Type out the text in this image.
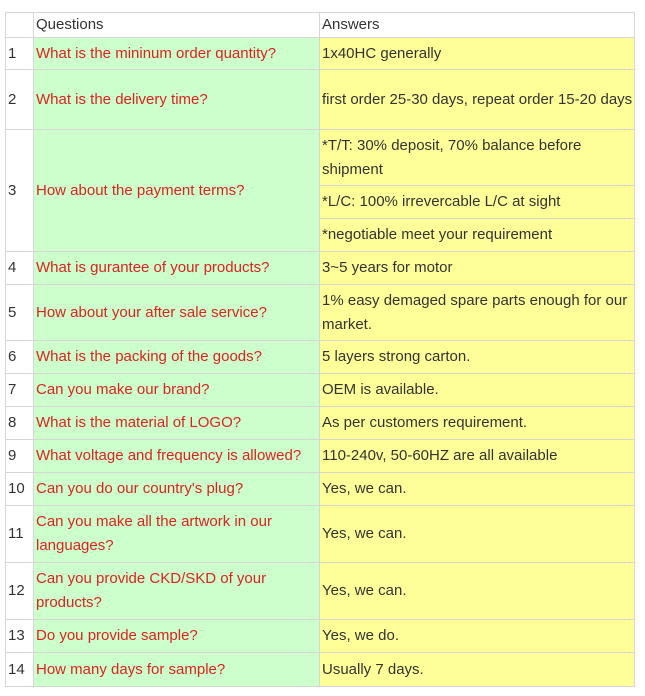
	Questions	Answers
1	What is the mininum order quantity?	1x40HC generally
2	What is the delivery time?	first order 25-30 days, repeat order 15-20 days
3	How about the payment terms?	*T/T: 30% deposit, 70% balance before shipment
		*L/C: 100% irrevercable L/C at sight
		*negotiable meet your requirement
4	What is gurantee of your products?	3~5 years for motor
5	How about your after sale service?	1% easy demaged spare parts enough for our market.
6	What is the packing of the goods?	5 layers strong carton.
7	Can you make our brand?	OEM is available.
8	What is the material of LOGO?	As per customers requirement.
9	What voltage and frequency is allowed?	110-240v, 50-60HZ are all available
10	Can you do our country's plug?	Yes, we can.
11	Can you make all the artwork in our languages?	Yes, we can.
12	Can you provide CKD/SKD of your products?	Yes, we can.
13	Do you provide sample?	Yes, we do.
14	How many days for sample?	Usually 7 days.
